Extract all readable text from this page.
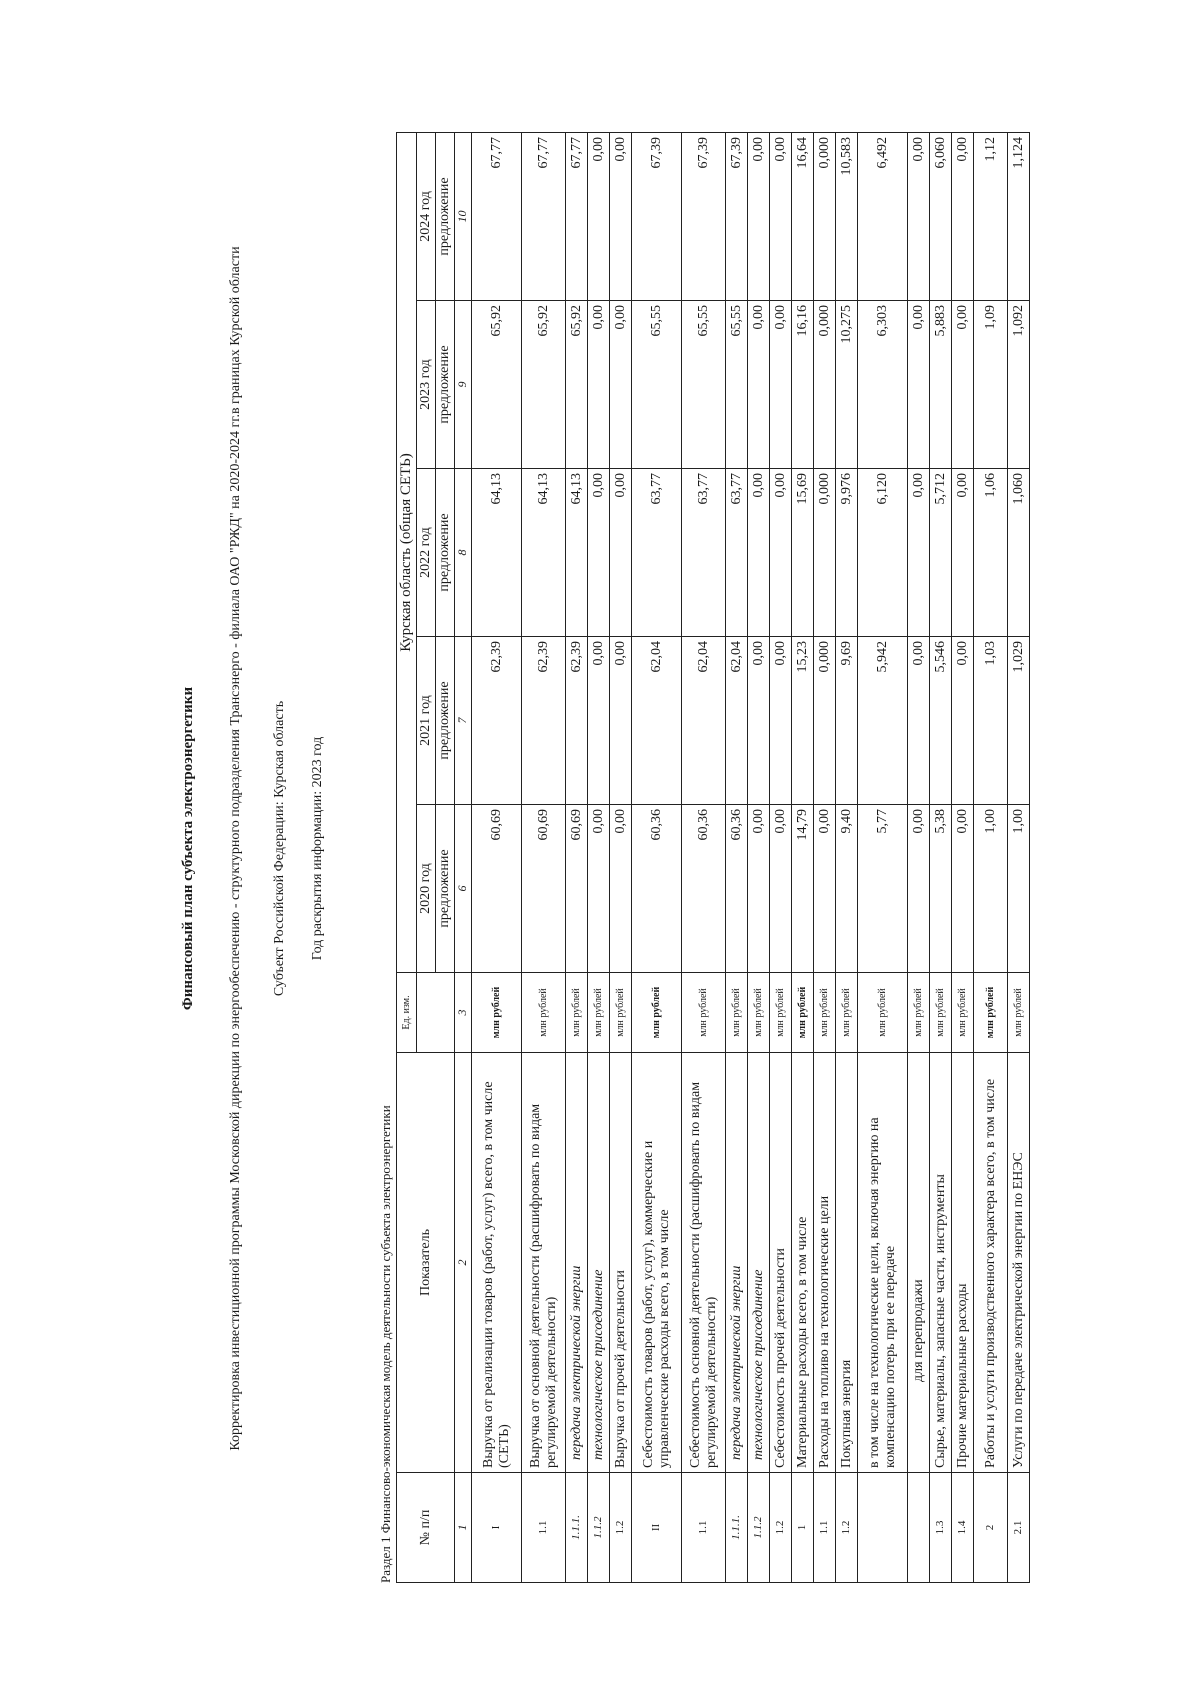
Финансовый план субъекта электроэнергетики Корректировка инвестиционной программы Московской дирекции по энергообеспечению - структурного подразделения Трансэнерго - филиала ОАО "РЖД" на 2020-2024 гг.в границах Курской области Субъект Российской Федерации: Курская область Год раскрытия информации: 2023 год
Раздел 1 Финансово-экономическая модель деятельности субъекта электроэнергетики № п/п	Показатель	Ед. изм.	Курская область (общая СЕТЬ)				
			2020 год	2021 год	2022 год	2023 год	2024 год
			предложение	предложение	предложение	предложение	предложение
1	2	3	6	7	8	9	10
I	Выручка от реализации товаров (работ, услуг) всего, в том числе (СЕТЬ)	млн рублей	60,69	62,39	64,13	65,92	67,77
1.1	Выручка от основной деятельности (расшифровать по видам регулируемой деятельности)	млн рублей	60,69	62,39	64,13	65,92	67,77
1.1.1.	передача электрической энергии	млн рублей	60,69	62,39	64,13	65,92	67,77
1.1.2	технологическое присоединение	млн рублей	0,00	0,00	0,00	0,00	0,00
1.2	Выручка от прочей деятельности	млн рублей	0,00	0,00	0,00	0,00	0,00
II	Себестоимость товаров (работ, услуг), коммерческие и управленческие расходы всего, в том числе	млн рублей	60,36	62,04	63,77	65,55	67,39
1.1	Себестоимость основной деятельности (расшифровать по видам регулируемой деятельности)	млн рублей	60,36	62,04	63,77	65,55	67,39
1.1.1.	передача электрической энергии	млн рублей	60,36	62,04	63,77	65,55	67,39
1.1.2	технологическое присоединение	млн рублей	0,00	0,00	0,00	0,00	0,00
1.2	Себестоимость прочей деятельности	млн рублей	0,00	0,00	0,00	0,00	0,00
1	Материальные расходы всего, в том числе	млн рублей	14,79	15,23	15,69	16,16	16,64
1.1	Расходы на топливо на технологические цели	млн рублей	0,00	0,000	0,000	0,000	0,000
1.2	Покупная энергия	млн рублей	9,40	9,69	9,976	10,275	10,583
	в том числе на технологические цели, включая энергию на компенсацию потерь при ее передаче	млн рублей	5,77	5,942	6,120	6,303	6,492
	для перепродажи	млн рублей	0,00	0,00	0,00	0,00	0,00
1.3	Сырье, материалы, запасные части, инструменты	млн рублей	5,38	5,546	5,712	5,883	6,060
1.4	Прочие материальные расходы	млн рублей	0,00	0,00	0,00	0,00	0,00
2	Работы и услуги производственного характера всего, в том числе	млн рублей	1,00	1,03	1,06	1,09	1,12
2.1	Услуги по передаче электрической энергии по ЕНЭС	млн рублей	1,00	1,029	1,060	1,092	1,124
